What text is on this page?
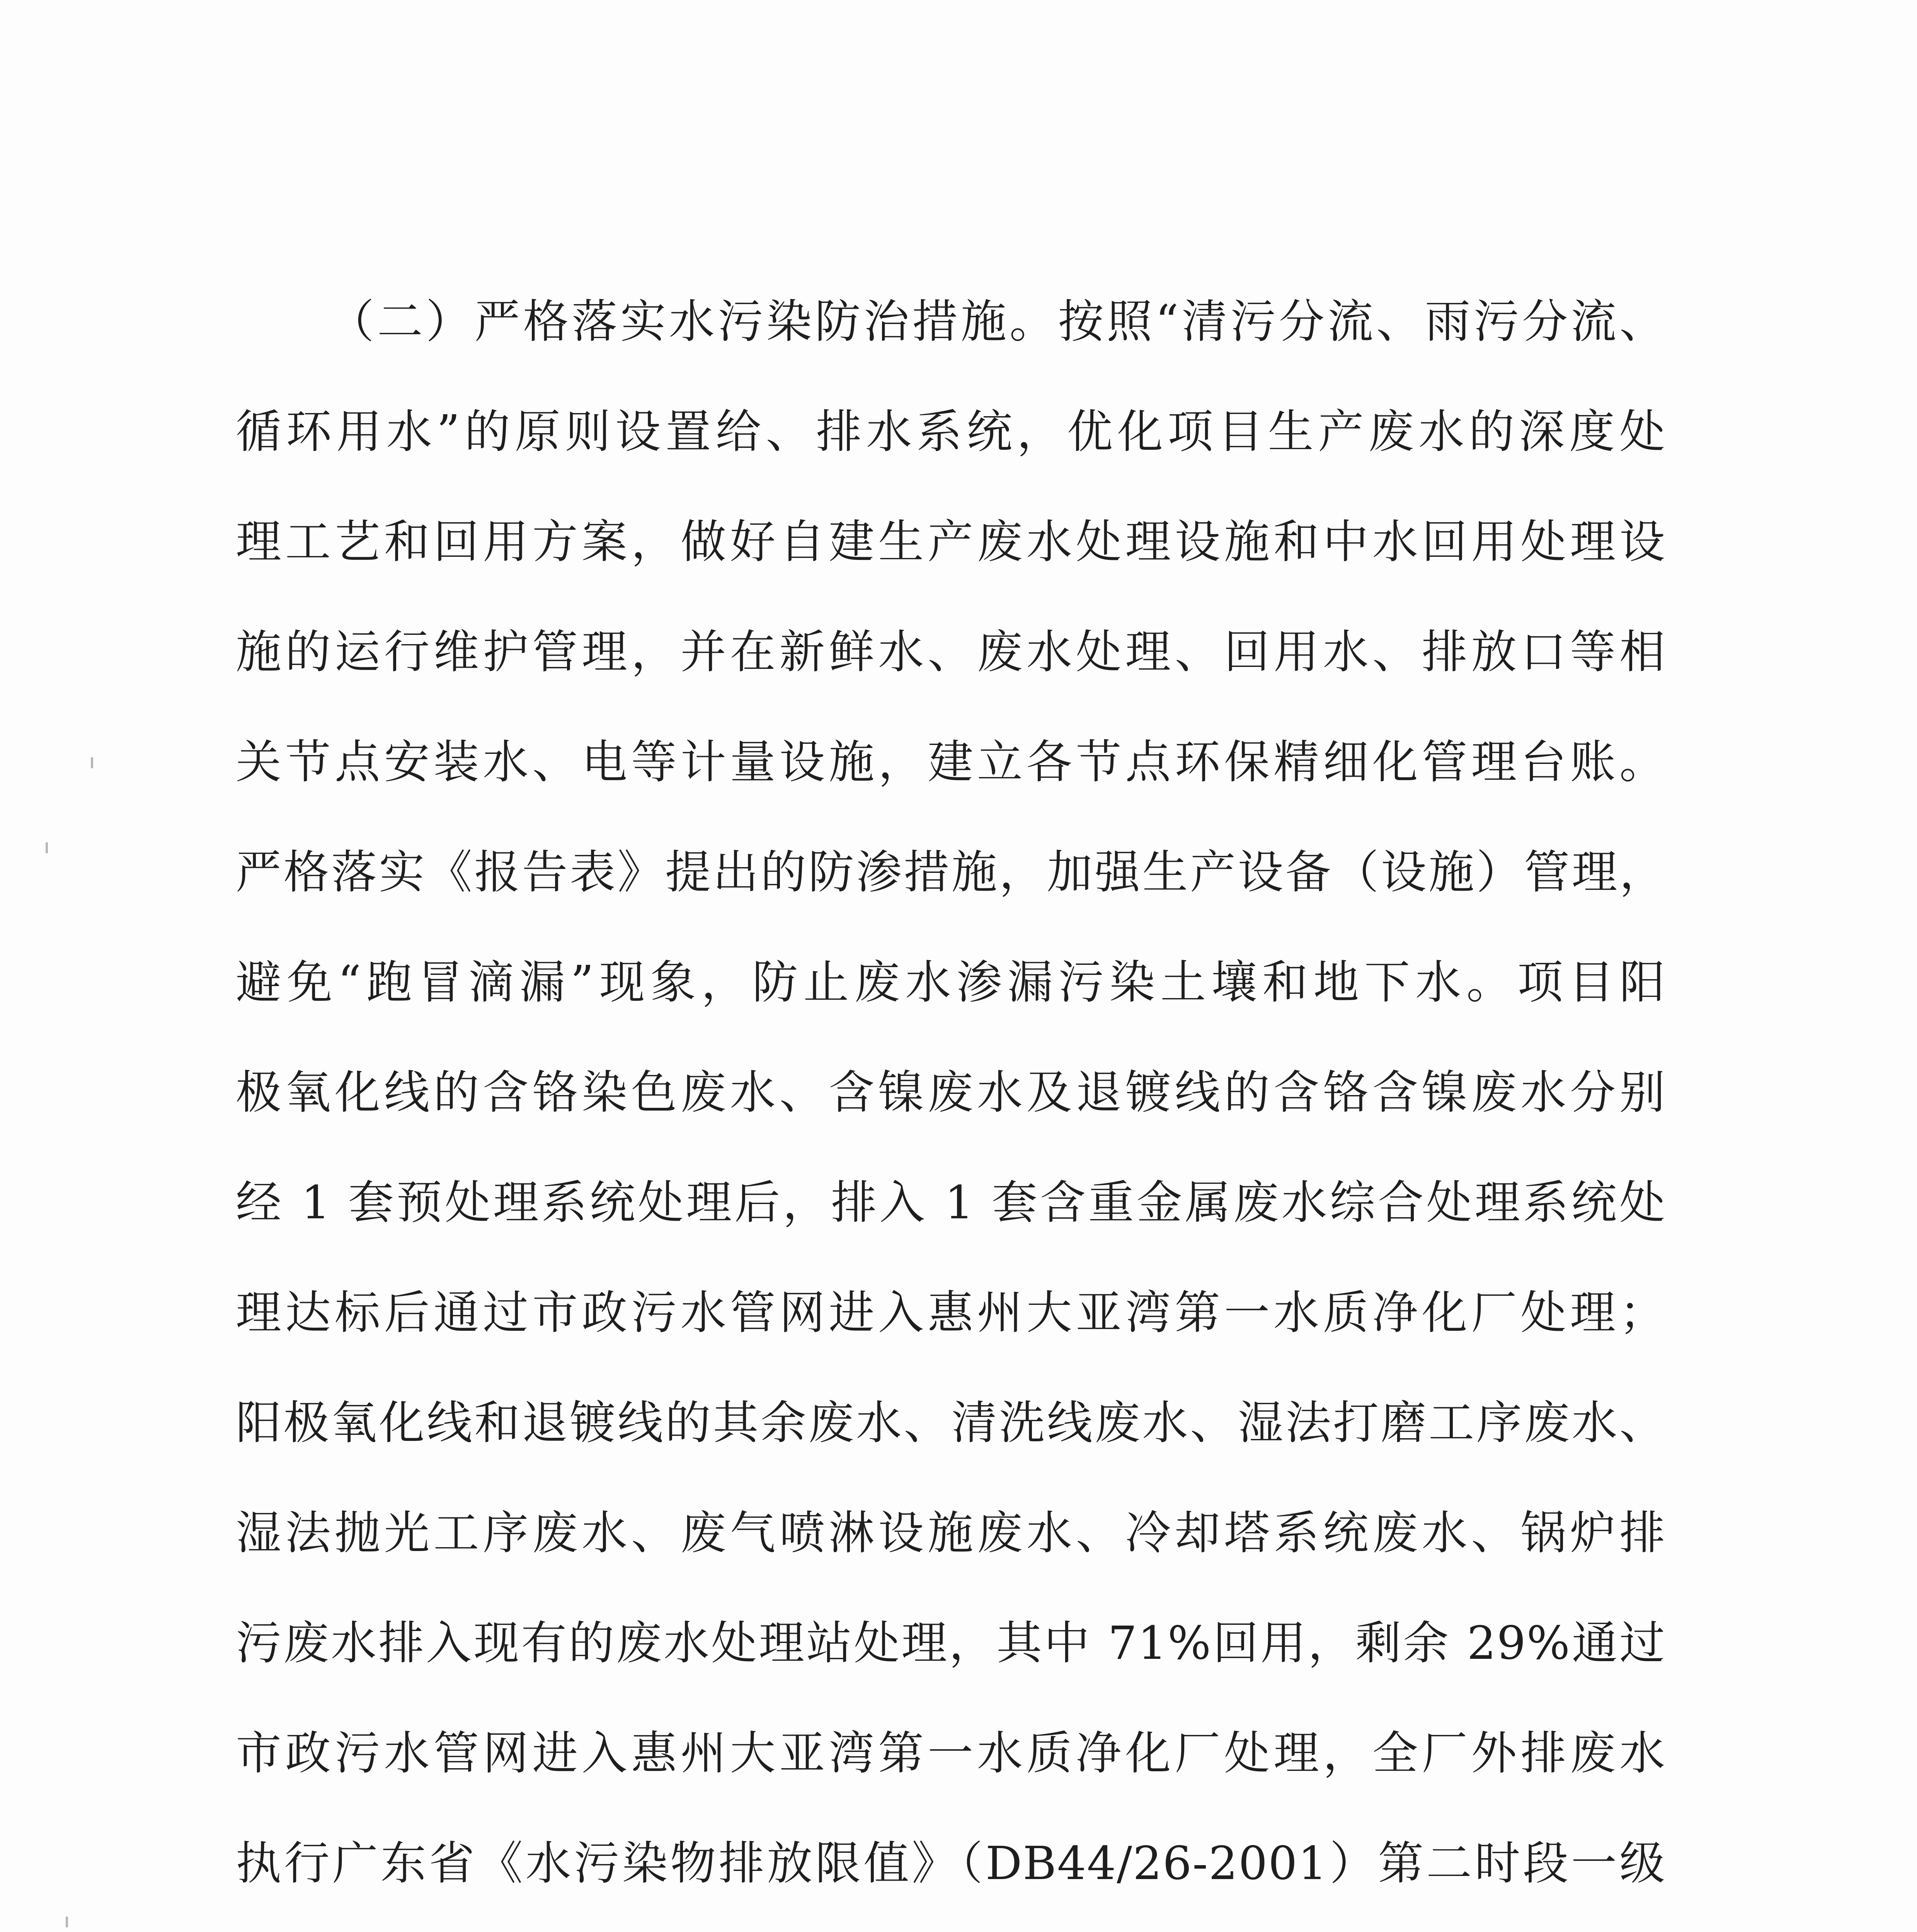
（二）严格落实水污染防治措施。按照“清污分流、雨污分流、
循环用水”的原则设置给、排水系统，优化项目生产废水的深度处
理工艺和回用方案，做好自建生产废水处理设施和中水回用处理设
施的运行维护管理，并在新鲜水、废水处理、回用水、排放口等相
关节点安装水、电等计量设施，建立各节点环保精细化管理台账。
严格落实《报告表》提出的防渗措施，加强生产设备（设施）管理，
避免“跑冒滴漏”现象，防止废水渗漏污染土壤和地下水。项目阳
极氧化线的含铬染色废水、含镍废水及退镀线的含铬含镍废水分别
经 1 套预处理系统处理后，排入 1 套含重金属废水综合处理系统处
理达标后通过市政污水管网进入惠州大亚湾第一水质净化厂处理；
阳极氧化线和退镀线的其余废水、清洗线废水、湿法打磨工序废水、
湿法抛光工序废水、废气喷淋设施废水、冷却塔系统废水、锅炉排
污废水排入现有的废水处理站处理，其中 71%回用，剩余 29%通过
市政污水管网进入惠州大亚湾第一水质净化厂处理，全厂外排废水
执行广东省《水污染物排放限值》（DB44/26-2001）第二时段一级
